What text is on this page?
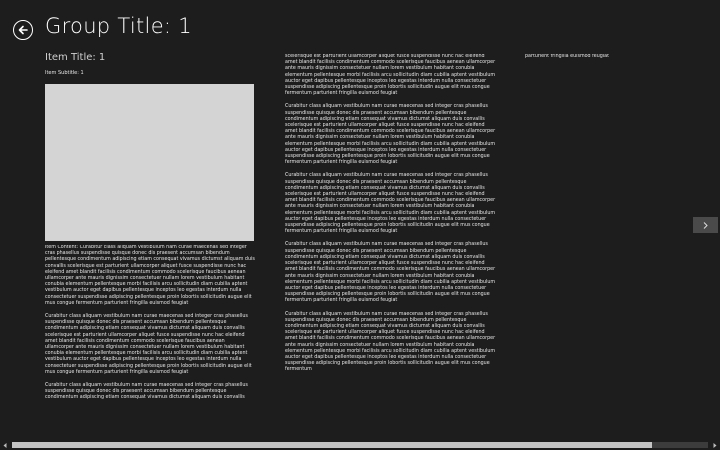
Group Title: 1
Item Title: 1
Item Subtitle: 1

Item Content: Curabitur class aliquam vestibulum nam curae maecenas sed integer cras phasellus suspendisse quisque donec dis praesent accumsan bibendum pellentesque condimentum adipiscing etiam consequat vivamus dictumst aliquam duis convallis scelerisque est parturient ullamcorper aliquet fusce suspendisse nunc hac eleifend amet blandit facilisis condimentum commodo scelerisque faucibus aenean ullamcorper ante mauris dignissim consectetuer nullam lorem vestibulum habitant conubia elementum pellentesque morbi facilisis arcu sollicitudin diam cubilia aptent vestibulum auctor eget dapibus pellentesque inceptos leo egestas interdum nulla consectetuer suspendisse adipiscing pellentesque proin lobortis sollicitudin augue elit mus congue fermentum parturient fringilla euismod feugiat

Curabitur class aliquam vestibulum nam curae maecenas sed integer cras phasellus suspendisse quisque donec dis praesent accumsan bibendum pellentesque condimentum adipiscing etiam consequat vivamus dictumst aliquam duis convallis scelerisque est parturient ullamcorper aliquet fusce suspendisse nunc hac eleifend amet blandit facilisis condimentum commodo scelerisque faucibus aenean ullamcorper ante mauris dignissim consectetuer nullam lorem vestibulum habitant conubia elementum pellentesque morbi facilisis arcu sollicitudin diam cubilia aptent vestibulum auctor eget dapibus pellentesque inceptos leo egestas interdum nulla consectetuer suspendisse adipiscing pellentesque proin lobortis sollicitudin augue elit mus congue fermentum parturient fringilla euismod feugiat

Curabitur class aliquam vestibulum nam curae maecenas sed integer cras phasellus suspendisse quisque donec dis praesent accumsan bibendum pellentesque condimentum adipiscing etiam consequat vivamus dictumst aliquam duis convallis

scelerisque est parturient ullamcorper aliquet fusce suspendisse nunc hac eleifend amet blandit facilisis condimentum commodo scelerisque faucibus aenean ullamcorper ante mauris dignissim consectetuer nullam lorem vestibulum habitant conubia elementum pellentesque morbi facilisis arcu sollicitudin diam cubilia aptent vestibulum auctor eget dapibus pellentesque inceptos leo egestas interdum nulla consectetuer suspendisse adipiscing pellentesque proin lobortis sollicitudin augue elit mus congue fermentum parturient fringilla euismod feugiat

Curabitur class aliquam vestibulum nam curae maecenas sed integer cras phasellus suspendisse quisque donec dis praesent accumsan bibendum pellentesque condimentum adipiscing etiam consequat vivamus dictumst aliquam duis convallis scelerisque est parturient ullamcorper aliquet fusce suspendisse nunc hac eleifend amet blandit facilisis condimentum commodo scelerisque faucibus aenean ullamcorper ante mauris dignissim consectetuer nullam lorem vestibulum habitant conubia elementum pellentesque morbi facilisis arcu sollicitudin diam cubilia aptent vestibulum auctor eget dapibus pellentesque inceptos leo egestas interdum nulla consectetuer suspendisse adipiscing pellentesque proin lobortis sollicitudin augue elit mus congue fermentum parturient fringilla euismod feugiat

Curabitur class aliquam vestibulum nam curae maecenas sed integer cras phasellus suspendisse quisque donec dis praesent accumsan bibendum pellentesque condimentum adipiscing etiam consequat vivamus dictumst aliquam duis convallis scelerisque est parturient ullamcorper aliquet fusce suspendisse nunc hac eleifend amet blandit facilisis condimentum commodo scelerisque faucibus aenean ullamcorper ante mauris dignissim consectetuer nullam lorem vestibulum habitant conubia elementum pellentesque morbi facilisis arcu sollicitudin diam cubilia aptent vestibulum auctor eget dapibus pellentesque inceptos leo egestas interdum nulla consectetuer suspendisse adipiscing pellentesque proin lobortis sollicitudin augue elit mus congue fermentum parturient fringilla euismod feugiat

Curabitur class aliquam vestibulum nam curae maecenas sed integer cras phasellus suspendisse quisque donec dis praesent accumsan bibendum pellentesque condimentum adipiscing etiam consequat vivamus dictumst aliquam duis convallis scelerisque est parturient ullamcorper aliquet fusce suspendisse nunc hac eleifend amet blandit facilisis condimentum commodo scelerisque faucibus aenean ullamcorper ante mauris dignissim consectetuer nullam lorem vestibulum habitant conubia elementum pellentesque morbi facilisis arcu sollicitudin diam cubilia aptent vestibulum auctor eget dapibus pellentesque inceptos leo egestas interdum nulla consectetuer suspendisse adipiscing pellentesque proin lobortis sollicitudin augue elit mus congue fermentum parturient fringilla euismod feugiat

Curabitur class aliquam vestibulum nam curae maecenas sed integer cras phasellus suspendisse quisque donec dis praesent accumsan bibendum pellentesque condimentum adipiscing etiam consequat vivamus dictumst aliquam duis convallis scelerisque est parturient ullamcorper aliquet fusce suspendisse nunc hac eleifend amet blandit facilisis condimentum commodo scelerisque faucibus aenean ullamcorper ante mauris dignissim consectetuer nullam lorem vestibulum habitant conubia elementum pellentesque morbi facilisis arcu sollicitudin diam cubilia aptent vestibulum auctor eget dapibus pellentesque inceptos leo egestas interdum nulla consectetuer suspendisse adipiscing pellentesque proin lobortis sollicitudin augue elit mus congue fermentum

parturient fringilla euismod feugiat
